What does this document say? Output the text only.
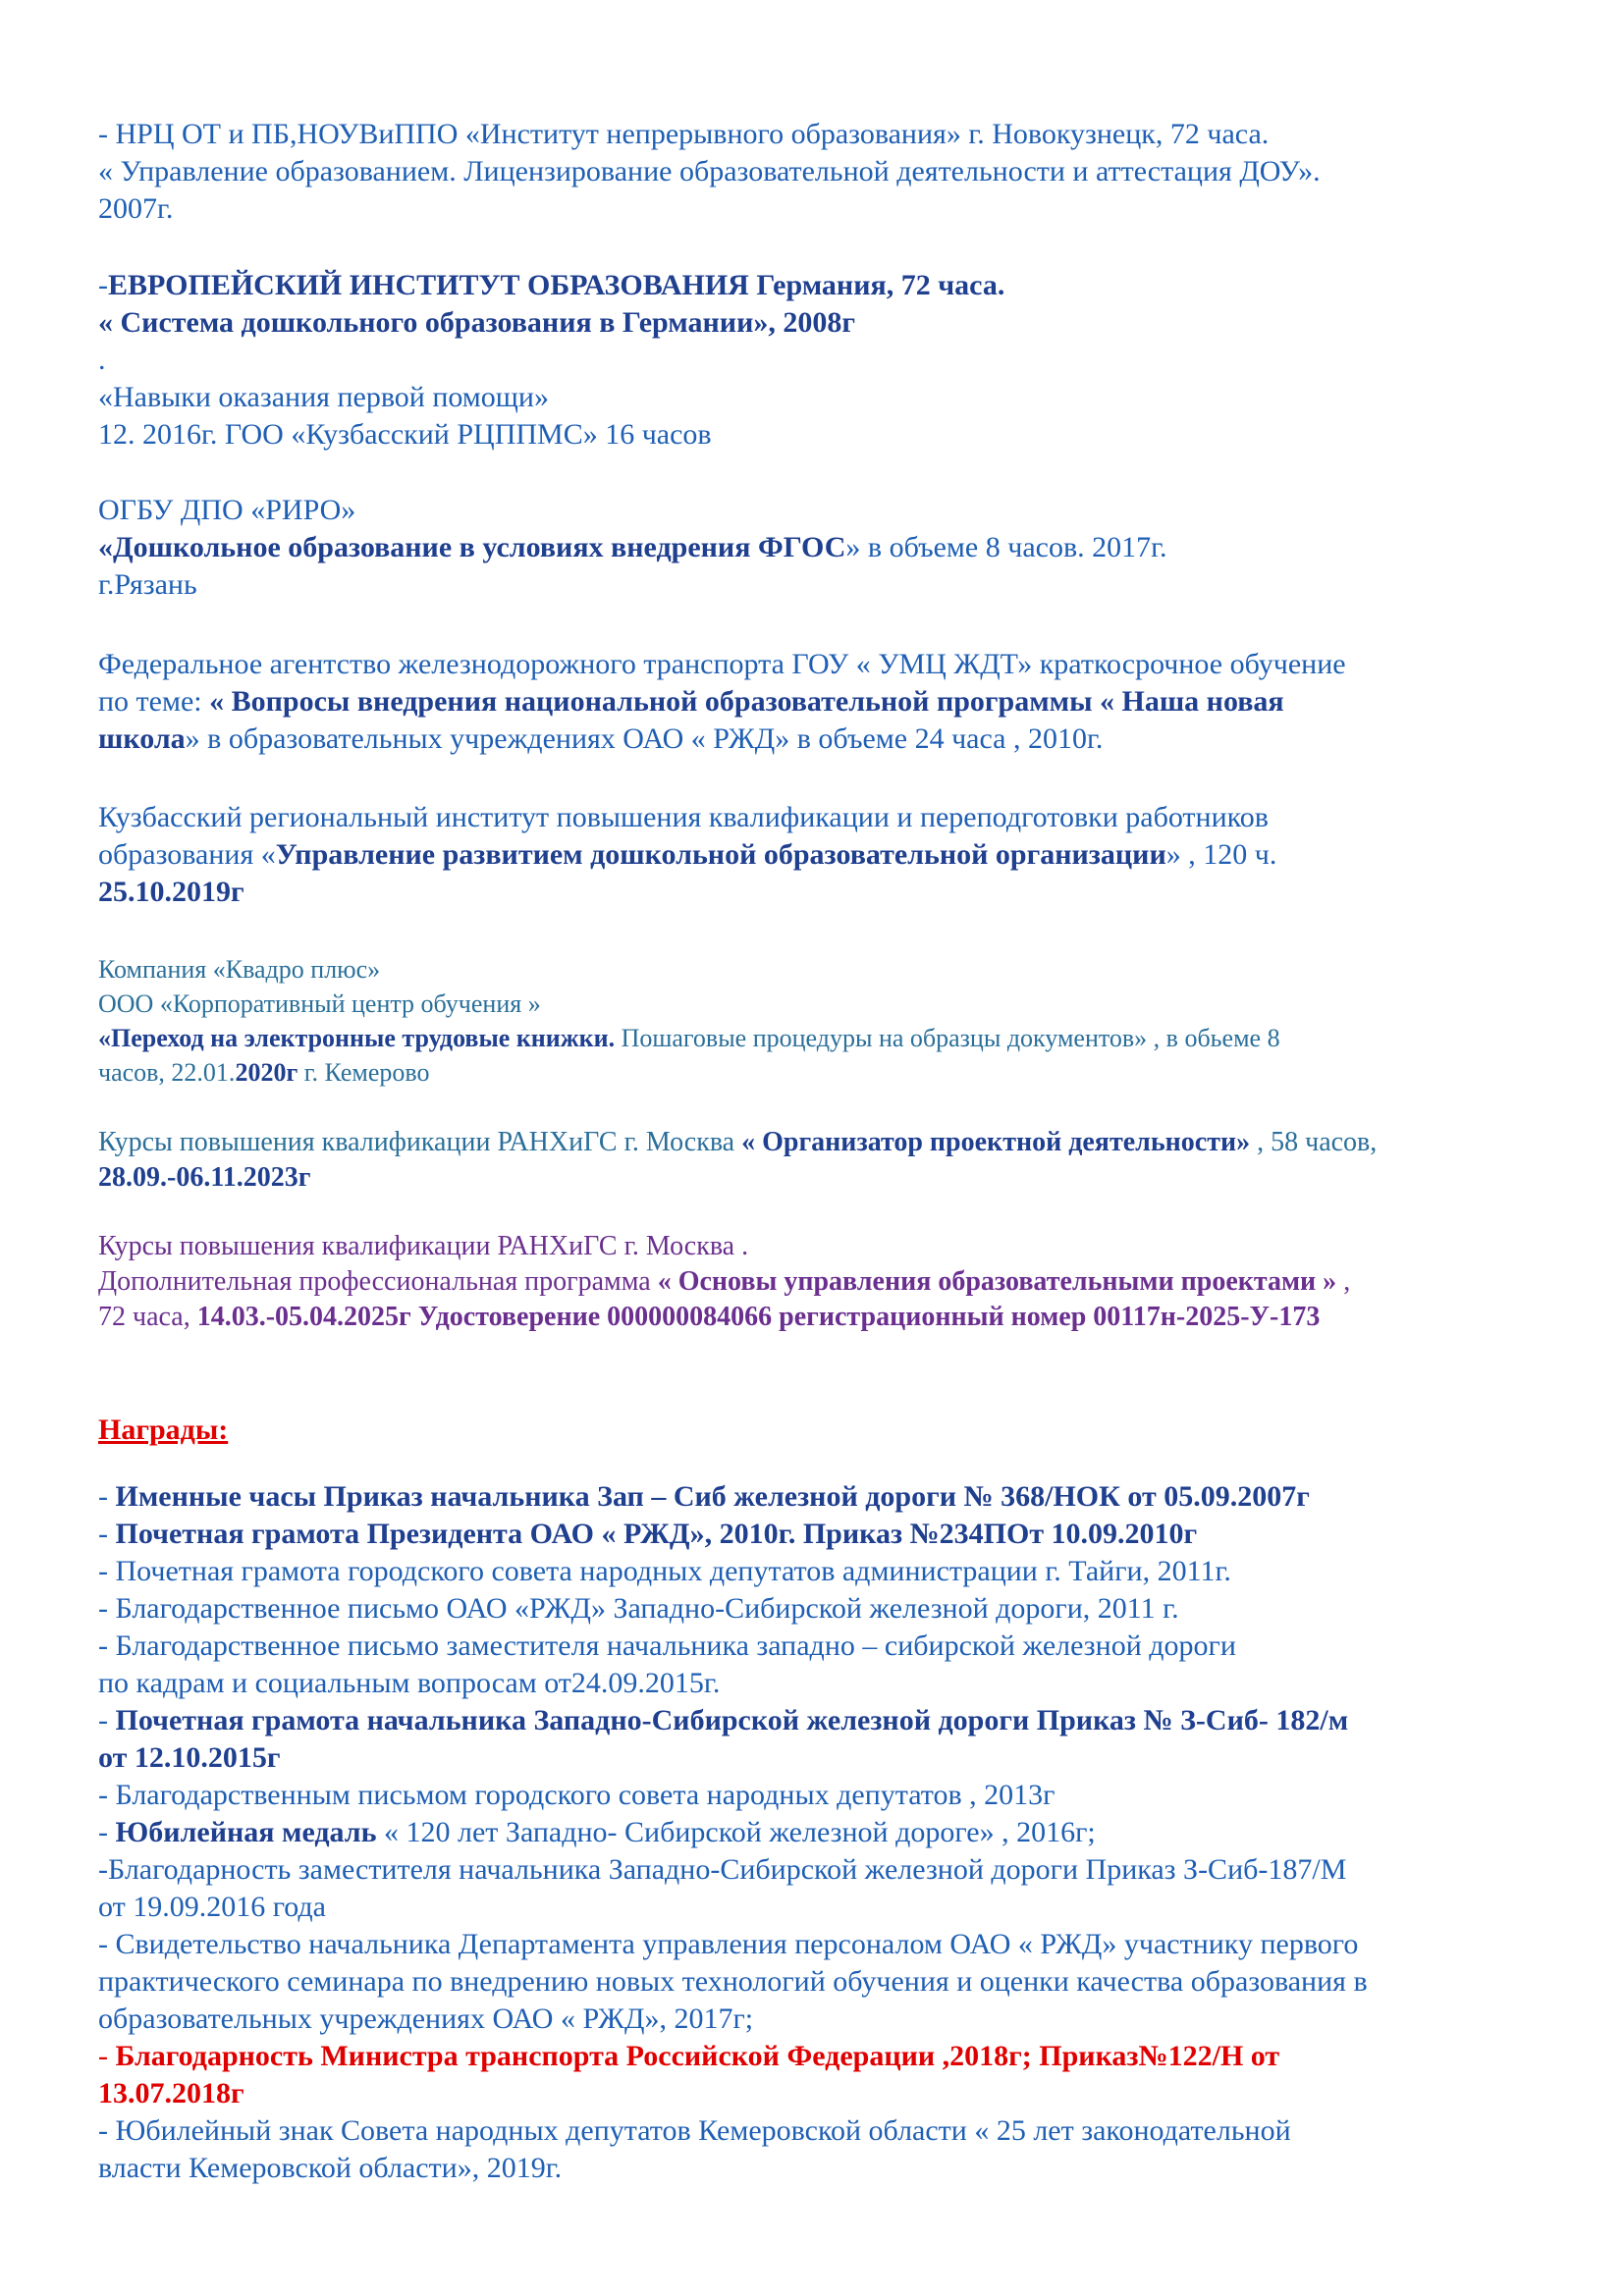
- НРЦ ОТ и ПБ,НОУВиППО «Институт непрерывного образования» г. Новокузнецк, 72 часа.
« Управление образованием. Лицензирование образовательной деятельности и аттестация ДОУ».
2007г.
-ЕВРОПЕЙСКИЙ ИНСТИТУТ ОБРАЗОВАНИЯ Германия, 72 часа.
« Система дошкольного образования в Германии», 2008г
.
«Навыки оказания первой помощи»
12. 2016г. ГОО «Кузбасский РЦППМС» 16 часов
ОГБУ ДПО «РИРО»
«Дошкольное образование в условиях внедрения ФГОС» в объеме 8 часов. 2017г.
г.Рязань
Федеральное агентство железнодорожного транспорта ГОУ « УМЦ ЖДТ» краткосрочное обучение
по теме: « Вопросы внедрения национальной образовательной программы « Наша новая
школа» в образовательных учреждениях ОАО « РЖД» в объеме 24 часа , 2010г.
Кузбасский региональный институт повышения квалификации и переподготовки работников
образования «Управление развитием дошкольной образовательной организации» , 120 ч.
25.10.2019г
Компания «Квадро плюс»
ООО «Корпоративный центр обучения »
«Переход на электронные трудовые книжки. Пошаговые процедуры на образцы документов» , в обьеме 8
часов, 22.01.2020г г. Кемерово
Курсы повышения квалификации РАНХиГС г. Москва « Организатор проектной деятельности» , 58 часов,
28.09.-06.11.2023г
Курсы повышения квалификации РАНХиГС г. Москва .
Дополнительная профессиональная программа « Основы управления образовательными проектами » ,
72 часа, 14.03.-05.04.2025г Удостоверение 000000084066 регистрационный номер 00117н-2025-У-173
Награды:
- Именные часы Приказ начальника Зап – Сиб железной дороги № 368/НОК от 05.09.2007г
- Почетная грамота Президента ОАО « РЖД», 2010г. Приказ №234ПОт 10.09.2010г
- Почетная грамота городского совета народных депутатов администрации г. Тайги, 2011г.
- Благодарственное письмо ОАО «РЖД» Западно-Сибирской железной дороги, 2011 г.
- Благодарственное письмо заместителя начальника западно – сибирской железной дороги
по кадрам и социальным вопросам от24.09.2015г.
- Почетная грамота начальника Западно-Сибирской железной дороги Приказ № З-Сиб- 182/м
от 12.10.2015г
- Благодарственным письмом городского совета народных депутатов , 2013г
- Юбилейная медаль « 120 лет Западно- Сибирской железной дороге» , 2016г;
-Благодарность заместителя начальника Западно-Сибирской железной дороги Приказ З-Сиб-187/М
от 19.09.2016 года
- Свидетельство начальника Департамента управления персоналом ОАО « РЖД» участнику первого
практического семинара по внедрению новых технологий обучения и оценки качества образования в
образовательных учреждениях ОАО « РЖД», 2017г;
- Благодарность Министра транспорта Российской Федерации ,2018г; Приказ№122/Н от
13.07.2018г
- Юбилейный знак Совета народных депутатов Кемеровской области « 25 лет законодательной
власти Кемеровской области», 2019г.
